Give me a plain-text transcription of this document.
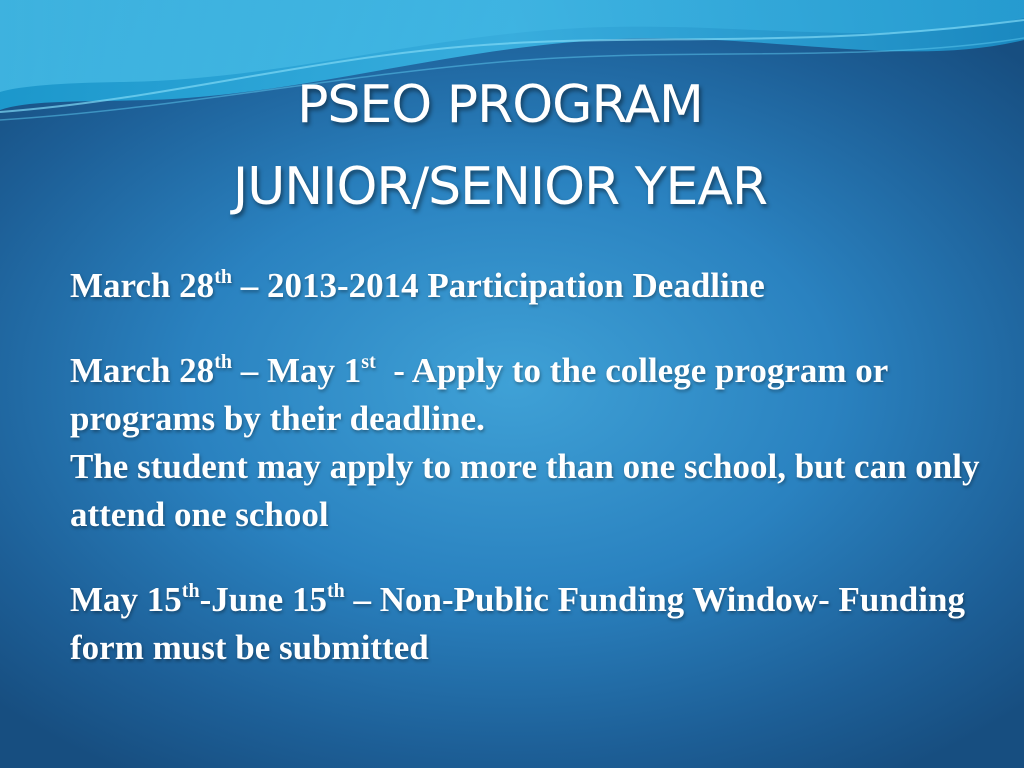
PSEO PROGRAM
JUNIOR/SENIOR YEAR
March 28th – 2013-2014 Participation Deadline
March 28th – May 1st  - Apply to the college program or programs by their deadline.
The student may apply to more than one school, but can only attend one school
May 15th-June 15th – Non-Public Funding Window- Funding form must be submitted
